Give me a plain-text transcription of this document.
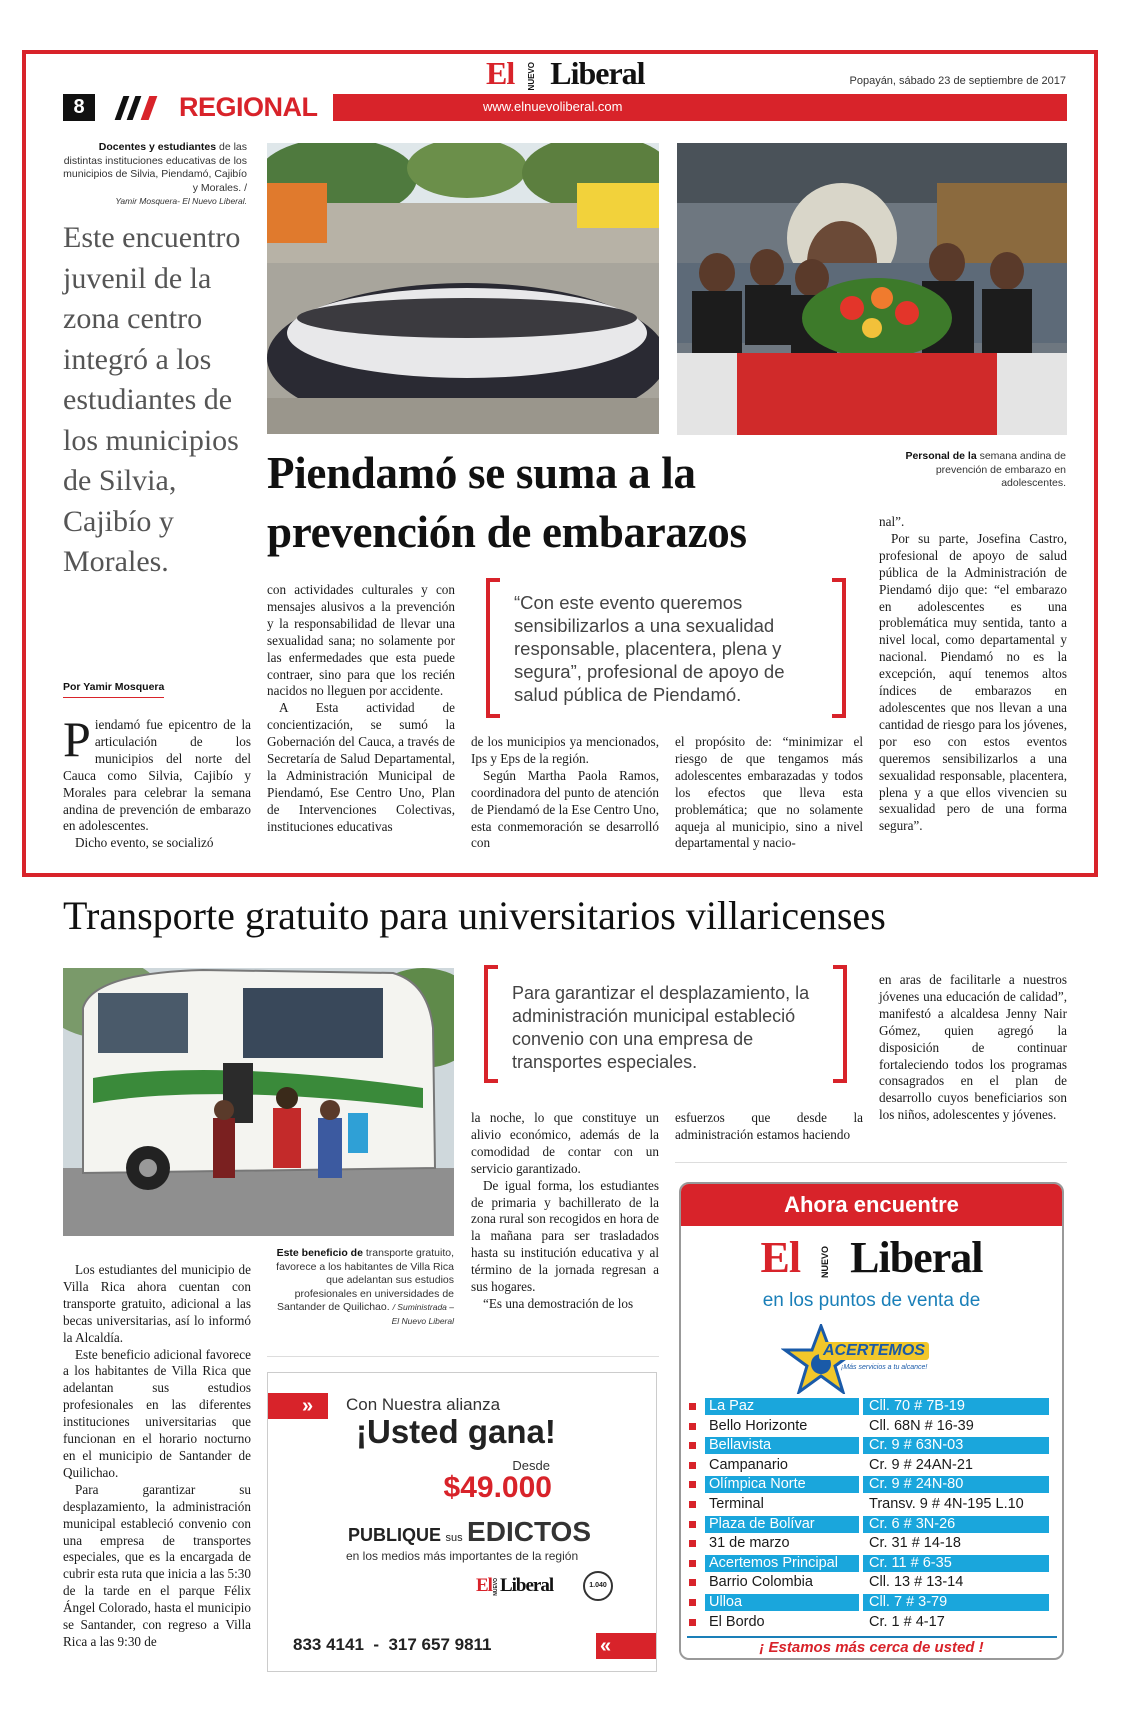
El NUEVO Liberal	Popayán, sábado 23 de septiembre de 2017
8	REGIONAL	www.elnuevoliberal.com
Docentes y estudiantes de las distintas instituciones educativas de los municipios de Silvia, Piendamó, Cajibío y Morales. /
Yamir Mosquera- El Nuevo Liberal.
Este encuentro juvenil de la zona centro integró a los estudiantes de los municipios de Silvia, Cajibío y Morales.
Por Yamir Mosquera
Personal de la semana andina de prevención de embarazo en adolescentes.
Piendamó se suma a la prevención de embarazos
“Con este evento queremos sensibilizarlos a una sexualidad responsable, placentera, plena y segura”, profesional de apoyo de salud pública de Piendamó.

Piendamó fue epicentro de la articulación de los municipios del norte del Cauca como Silvia, Cajibío y Morales para celebrar la semana andina de prevención de embarazo en adolescentes.

Dicho evento, se socializó

con actividades culturales y con mensajes alusivos a la prevención y la responsabilidad de llevar una sexualidad sana; no solamente por las enfermedades que esta puede contraer, sino para que los recién nacidos no lleguen por accidente.

A Esta actividad de concientización, se sumó la Gobernación del Cauca, a través de Secretaría de Salud Departamental, la Administración Municipal de Piendamó, Ese Centro Uno, Plan de Intervenciones Colectivas, instituciones educativas

de los municipios ya mencionados, Ips y Eps de la región.

Según Martha Paola Ramos, coordinadora del punto de atención de Piendamó de la Ese Centro Uno, esta conmemoración se desarrolló con

el propósito de: “minimizar el riesgo de que tengamos más adolescentes embarazadas y todos los efectos que lleva esta problemática; que no solamente aqueja al municipio, sino a nivel departamental y nacio-

nal”.

Por su parte, Josefina Castro, profesional de apoyo de salud pública de la Administración de Piendamó dijo que: “el embarazo en adolescentes es una problemática muy sentida, tanto a nivel local, como departamental y nacional. Piendamó no es la excepción, aquí tenemos altos índices de embarazos en adolescentes que nos llevan a una cantidad de riesgo para los jóvenes, por eso con estos eventos queremos sensibilizarlos a una sexualidad responsable, placentera, plena y a que ellos vivencien su sexualidad pero de una forma segura”.

Transporte gratuito para universitarios villaricenses
Este beneficio de transporte gratuito, favorece a los habitantes de Villa Rica que adelantan sus estudios profesionales en universidades de Santander de Quilichao. / Suministrada –El Nuevo Liberal
Para garantizar el desplazamiento, la administración municipal estableció convenio con una empresa de transportes especiales.

Los estudiantes del municipio de Villa Rica ahora cuentan con transporte gratuito, adicional a las becas universitarias, así lo informó la Alcaldía.

Este beneficio adicional favorece a los habitantes de Villa Rica que adelantan sus estudios profesionales en las diferentes instituciones universitarias que funcionan en el horario nocturno en el municipio de Santander de Quilichao.

Para garantizar su desplazamiento, la administración municipal estableció convenio con una empresa de transportes especiales, que es la encargada de cubrir esta ruta que inicia a las 5:30 de la tarde en el parque Félix Ángel Colorado, hasta el municipio se Santander, con regreso a Villa Rica a las 9:30 de

la noche, lo que constituye un alivio económico, además de la comodidad de contar con un servicio garantizado.

De igual forma, los estudiantes de primaria y bachillerato de la zona rural son recogidos en hora de la mañana para ser trasladados hasta su institución educativa y al término de la jornada regresan a sus hogares.

“Es una demostración de los

esfuerzos que desde la administración estamos haciendo

en aras de facilitarle a nuestros jóvenes una educación de calidad”, manifestó a alcaldesa Jenny Nair Gómez, quien agregó la disposición de continuar fortaleciendo todos los programas consagrados en el plan de desarrollo cuyos beneficiarios son los niños, adolescentes y jóvenes.

» Con Nuestra alianza
¡Usted gana!
Desde
$49.000
PUBLIQUE sus EDICTOS
en los medios más importantes de la región
ElNUEVOLiberal	1.040
833 4141  -  317 657 9811	«
Ahora encuentre
El NUEVO Liberal
en los puntos de venta de
ACERTEMOS
¡Más servicios a tu alcance!
La Paz	Cll. 70 # 7B-19
Bello Horizonte	Cll. 68N # 16-39
Bellavista	Cr. 9 # 63N-03
Campanario	Cr. 9 # 24AN-21
Olímpica Norte	Cr. 9 # 24N-80
Terminal	Transv. 9 # 4N-195 L.10
Plaza de Bolívar	Cr. 6 # 3N-26
31 de marzo	Cr. 31 # 14-18
Acertemos Principal	Cr. 11 # 6-35
Barrio Colombia	Cll. 13 # 13-14
Ulloa	Cll. 7 # 3-79
El Bordo	Cr. 1 # 4-17
¡ Estamos más cerca de usted !
